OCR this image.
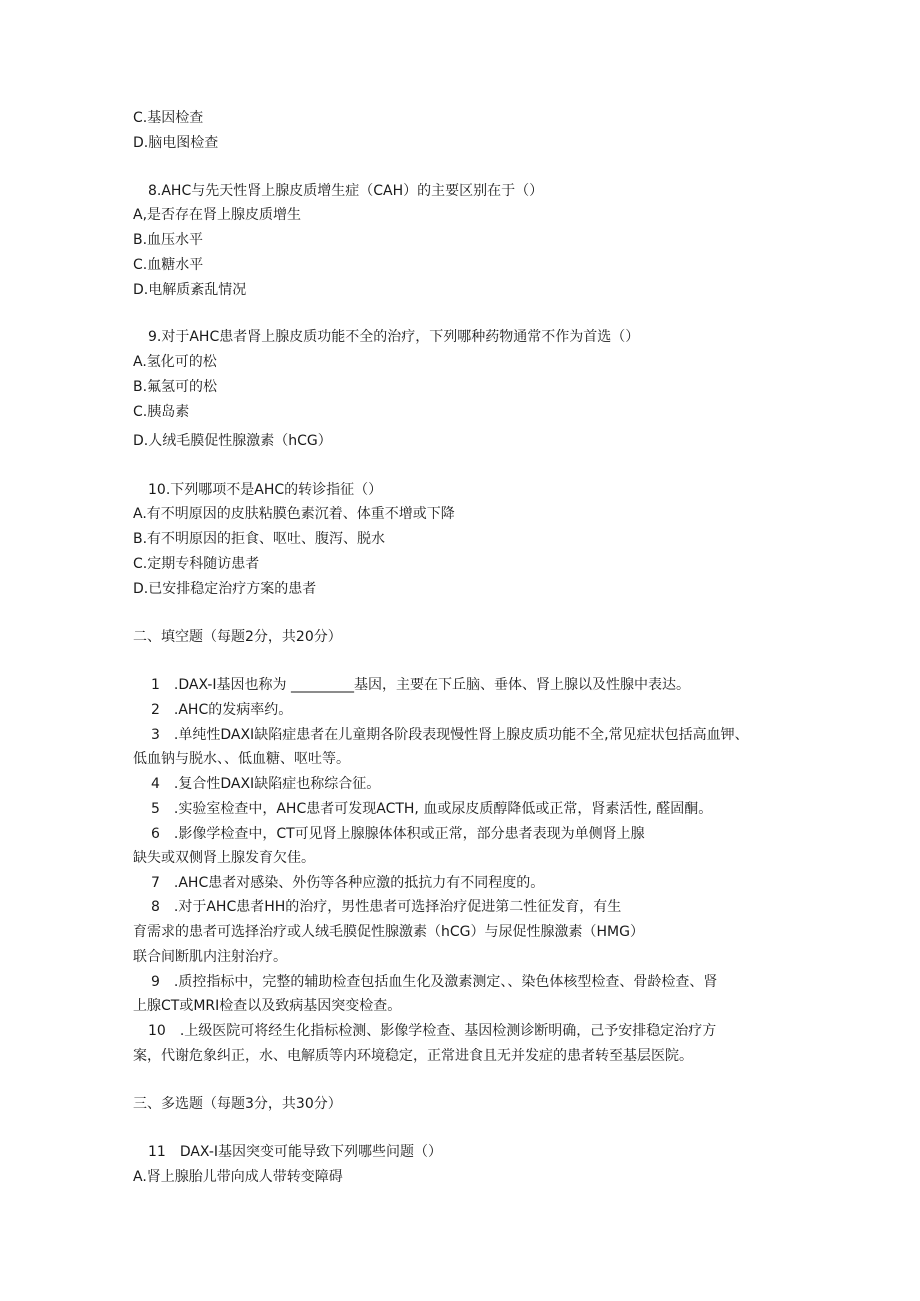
C.基因检查
D.脑电图检查
8.AHC与先天性肾上腺皮质增生症（CAH）的主要区别在于（）
A,是否存在肾上腺皮质增生
B.血压水平
C.血糖水平
D.电解质紊乱情况
9.对于AHC患者肾上腺皮质功能不全的治疗，下列哪种药物通常不作为首选（）
A.氢化可的松
B.氟氢可的松
C.胰岛素
D.人绒毛膜促性腺激素（hCG）
10.下列哪项不是AHC的转诊指征（）
A.有不明原因的皮肤粘膜色素沉着、体重不增或下降
B.有不明原因的拒食、呕吐、腹泻、脱水
C.定期专科随访患者
D.已安排稳定治疗方案的患者
二、填空题（每题2分，共20分）
1　.DAX-I基因也称为 _________基因，主要在下丘脑、垂体、肾上腺以及性腺中表达。
2　.AHC的发病率约。
3　.单纯性DAXI缺陷症患者在儿童期各阶段表现慢性肾上腺皮质功能不全,常见症状包括高血钾、
低血钠与脱水、、低血糖、呕吐等。
4　.复合性DAXI缺陷症也称综合征。
5　.实验室检查中，AHC患者可发现ACTH, 血或尿皮质醇降低或正常，肾素活性, 醛固酮。
6　.影像学检查中，CT可见肾上腺腺体体积或正常，部分患者表现为单侧肾上腺
缺失或双侧肾上腺发育欠佳。
7　.AHC患者对感染、外伤等各种应激的抵抗力有不同程度的。
8　.对于AHC患者HH的治疗，男性患者可选择治疗促进第二性征发育，有生
育需求的患者可选择治疗或人绒毛膜促性腺激素（hCG）与尿促性腺激素（HMG）
联合间断肌内注射治疗。
9　.质控指标中，完整的辅助检查包括血生化及激素测定、、染色体核型检查、骨龄检查、肾
上腺CT或MRI检查以及致病基因突变检查。
10　.上级医院可将经生化指标检测、影像学检查、基因检测诊断明确，己予安排稳定治疗方
案，代谢危象纠正，水、电解质等内环境稳定，正常进食且无并发症的患者转至基层医院。
三、多选题（每题3分，共30分）
11　DAX-I基因突变可能导致下列哪些问题（）
A.肾上腺胎儿带向成人带转变障碍
